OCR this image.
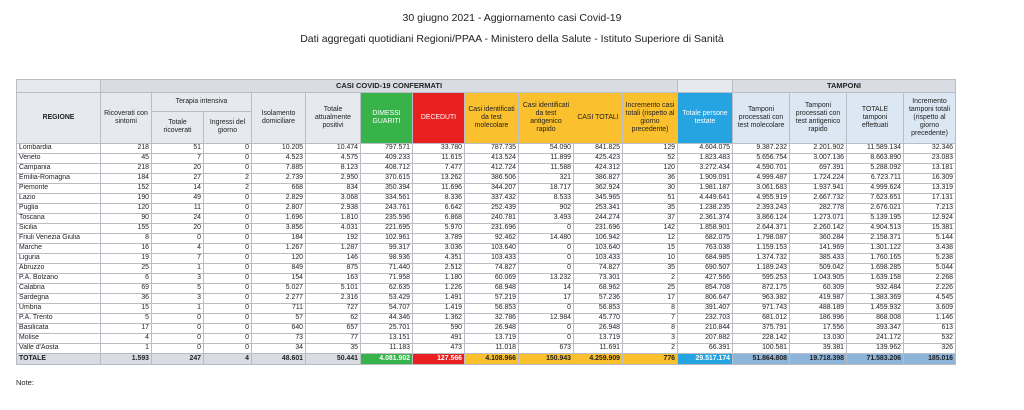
30 giugno 2021 - Aggiornamento casi Covid-19
Dati aggregati quotidiani Regioni/PPAA - Ministero della Salute - Istituto Superiore di Sanità
	CASI COVID-19 CONFERMATI												TAMPONI			
REGIONE	Ricoverati con sintomi	Terapia intensiva		Isolamento domiciliare	Totale attualmente positivi	DIMESSI GUARITI	DECEDUTI	Casi identificati da test molecolare	Casi identificati da test antigenico rapido	CASI TOTALI	Incremento casi totali (rispetto al giorno precedente)	Totale persone testate	Tamponi processati con test molecolare	Tamponi processati con test antigenico rapido	TOTALE tamponi effettuati	Incremento tamponi totali (rispetto al giorno precedente)
		Totale ricoverati	Ingressi del giorno													
Lombardia	218	51	0	10.205	10.474	797.571	33.780	787.735	54.090	841.825	129	4.604.075	9.387.232	2.201.902	11.589.134	32.346
Veneto	45	7	0	4.523	4.575	409.233	11.615	413.524	11.899	425.423	52	1.823.483	5.656.754	3.007.136	8.663.890	23.083
Campania	218	20	0	7.885	8.123	408.712	7.477	412.724	11.588	424.312	120	3.272.434	4.590.701	697.391	5.288.092	13.181
Emilia-Romagna	184	27	2	2.739	2.950	370.615	13.262	386.506	321	386.827	36	1.909.091	4.999.487	1.724.224	6.723.711	16.309
Piemonte	152	14	2	668	834	350.394	11.696	344.207	18.717	362.924	30	1.981.187	3.061.683	1.937.941	4.999.624	13.319
Lazio	190	49	0	2.829	3.068	334.561	8.336	337.432	8.533	345.965	51	4.449.641	4.955.919	2.667.732	7.623.651	17.131
Puglia	120	11	0	2.807	2.938	243.761	6.642	252.439	902	253.341	35	1.238.235	2.393.243	282.778	2.676.021	7.213
Toscana	90	24	0	1.696	1.810	235.596	6.868	240.781	3.493	244.274	37	2.361.374	3.866.124	1.273.071	5.139.195	12.924
Sicilia	155	20	0	3.856	4.031	221.695	5.970	231.696	0	231.696	142	1.858.901	2.644.371	2.260.142	4.904.513	15.381
Friuli Venezia Giulia	8	0	0	184	192	102.961	3.789	92.462	14.480	106.942	12	682.075	1.798.087	360.284	2.158.371	5.144
Marche	16	4	0	1.267	1.287	99.317	3.036	103.640	0	103.640	15	763.038	1.159.153	141.969	1.301.122	3.438
Liguria	19	7	0	120	146	98.936	4.351	103.433	0	103.433	10	684.985	1.374.732	385.433	1.760.165	5.238
Abruzzo	25	1	0	849	875	71.440	2.512	74.827	0	74.827	35	690.507	1.189.243	509.042	1.698.285	5.044
P.A. Bolzano	6	3	0	154	163	71.958	1.180	60.069	13.232	73.301	2	427.566	595.253	1.043.905	1.639.158	2.268
Calabria	69	5	0	5.027	5.101	62.635	1.226	68.948	14	68.962	25	854.708	872.175	60.309	932.484	2.226
Sardegna	36	3	0	2.277	2.316	53.429	1.491	57.219	17	57.236	17	806.647	963.382	419.987	1.383.369	4.545
Umbria	15	1	0	711	727	54.707	1.419	56.853	0	56.853	8	391.407	971.743	488.189	1.459.932	3.609
P.A. Trento	5	0	0	57	62	44.346	1.362	32.786	12.984	45.770	7	232.703	681.012	186.996	868.008	1.146
Basilicata	17	0	0	640	657	25.701	590	26.948	0	26.948	8	210.844	375.791	17.556	393.347	613
Molise	4	0	0	73	77	13.151	491	13.719	0	13.719	3	207.882	228.142	13.030	241.172	532
Valle d'Aosta	1	0	0	34	35	11.183	473	11.018	673	11.691	2	66.391	100.581	39.381	139.962	326
TOTALE	1.593	247	4	48.601	50.441	4.081.902	127.566	4.108.966	150.943	4.259.909	776	29.517.174	51.864.808	19.718.398	71.583.206	185.016
Note:
